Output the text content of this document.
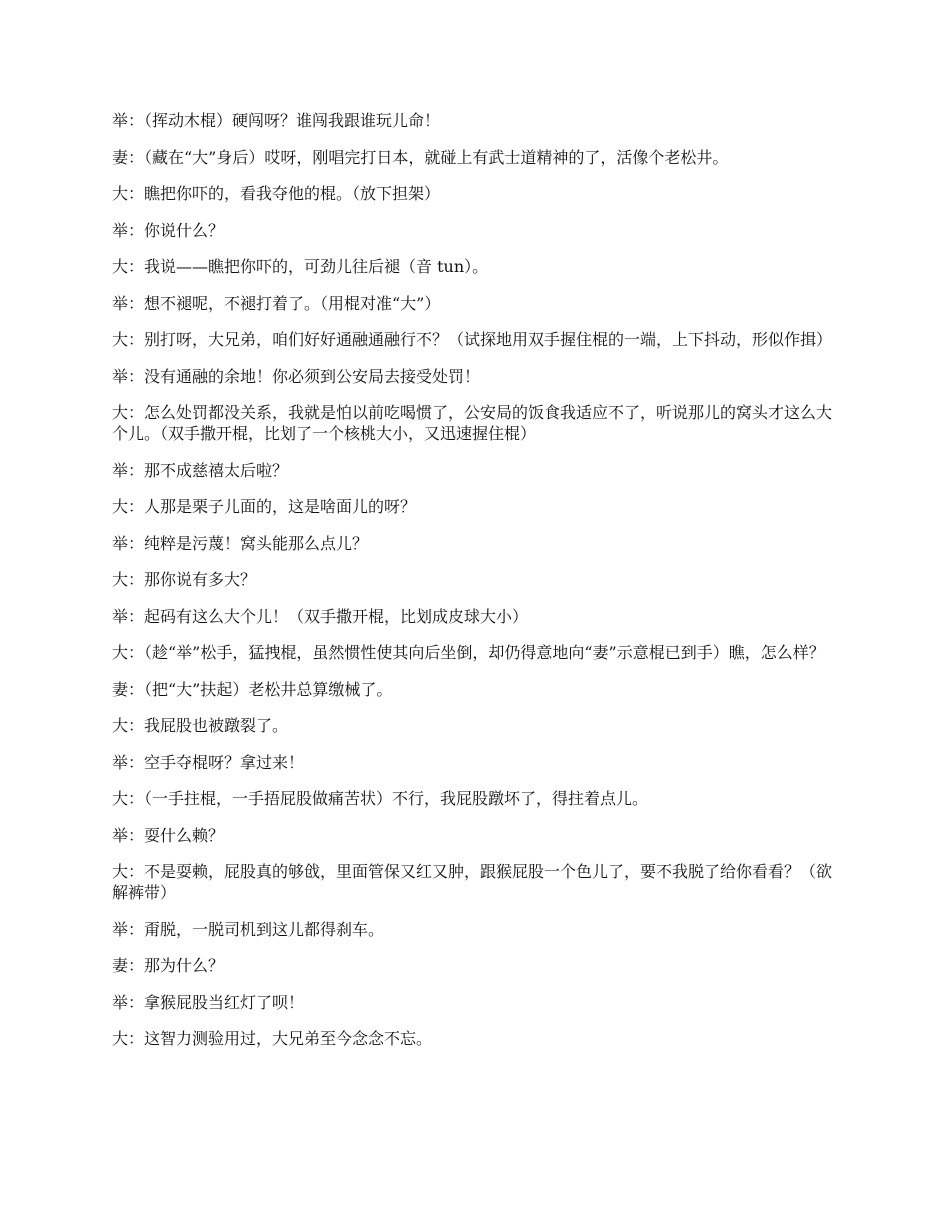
举：（挥动木棍）硬闯呀？谁闯我跟谁玩儿命！

妻：（藏在“大”身后）哎呀，刚唱完打日本，就碰上有武士道精神的了，活像个老松井。

大：瞧把你吓的，看我夺他的棍。（放下担架）

举：你说什么？

大：我说——瞧把你吓的，可劲儿往后褪（音 tun）。

举：想不褪呢，不褪打着了。（用棍对准“大”）

大：别打呀，大兄弟，咱们好好通融通融行不？（试探地用双手握住棍的一端，上下抖动，形似作揖）

举：没有通融的余地！你必须到公安局去接受处罚！

大：怎么处罚都没关系，我就是怕以前吃喝惯了，公安局的饭食我适应不了，听说那儿的窝头才这么大个儿。（双手撒开棍，比划了一个核桃大小，又迅速握住棍）

举：那不成慈禧太后啦？

大：人那是栗子儿面的，这是啥面儿的呀？

举：纯粹是污蔑！窝头能那么点儿？

大：那你说有多大？

举：起码有这么大个儿！（双手撒开棍，比划成皮球大小）

大：（趁“举”松手，猛拽棍，虽然惯性使其向后坐倒，却仍得意地向“妻”示意棍已到手）瞧，怎么样？

妻：（把“大”扶起）老松井总算缴械了。

大：我屁股也被蹾裂了。

举：空手夺棍呀？拿过来！

大：（一手拄棍，一手捂屁股做痛苦状）不行，我屁股蹾坏了，得拄着点儿。

举：耍什么赖？

大：不是耍赖，屁股真的够戗，里面管保又红又肿，跟猴屁股一个色儿了，要不我脱了给你看看？（欲解裤带）

举：甭脱，一脱司机到这儿都得刹车。

妻：那为什么？

举：拿猴屁股当红灯了呗！

大：这智力测验用过，大兄弟至今念念不忘。
